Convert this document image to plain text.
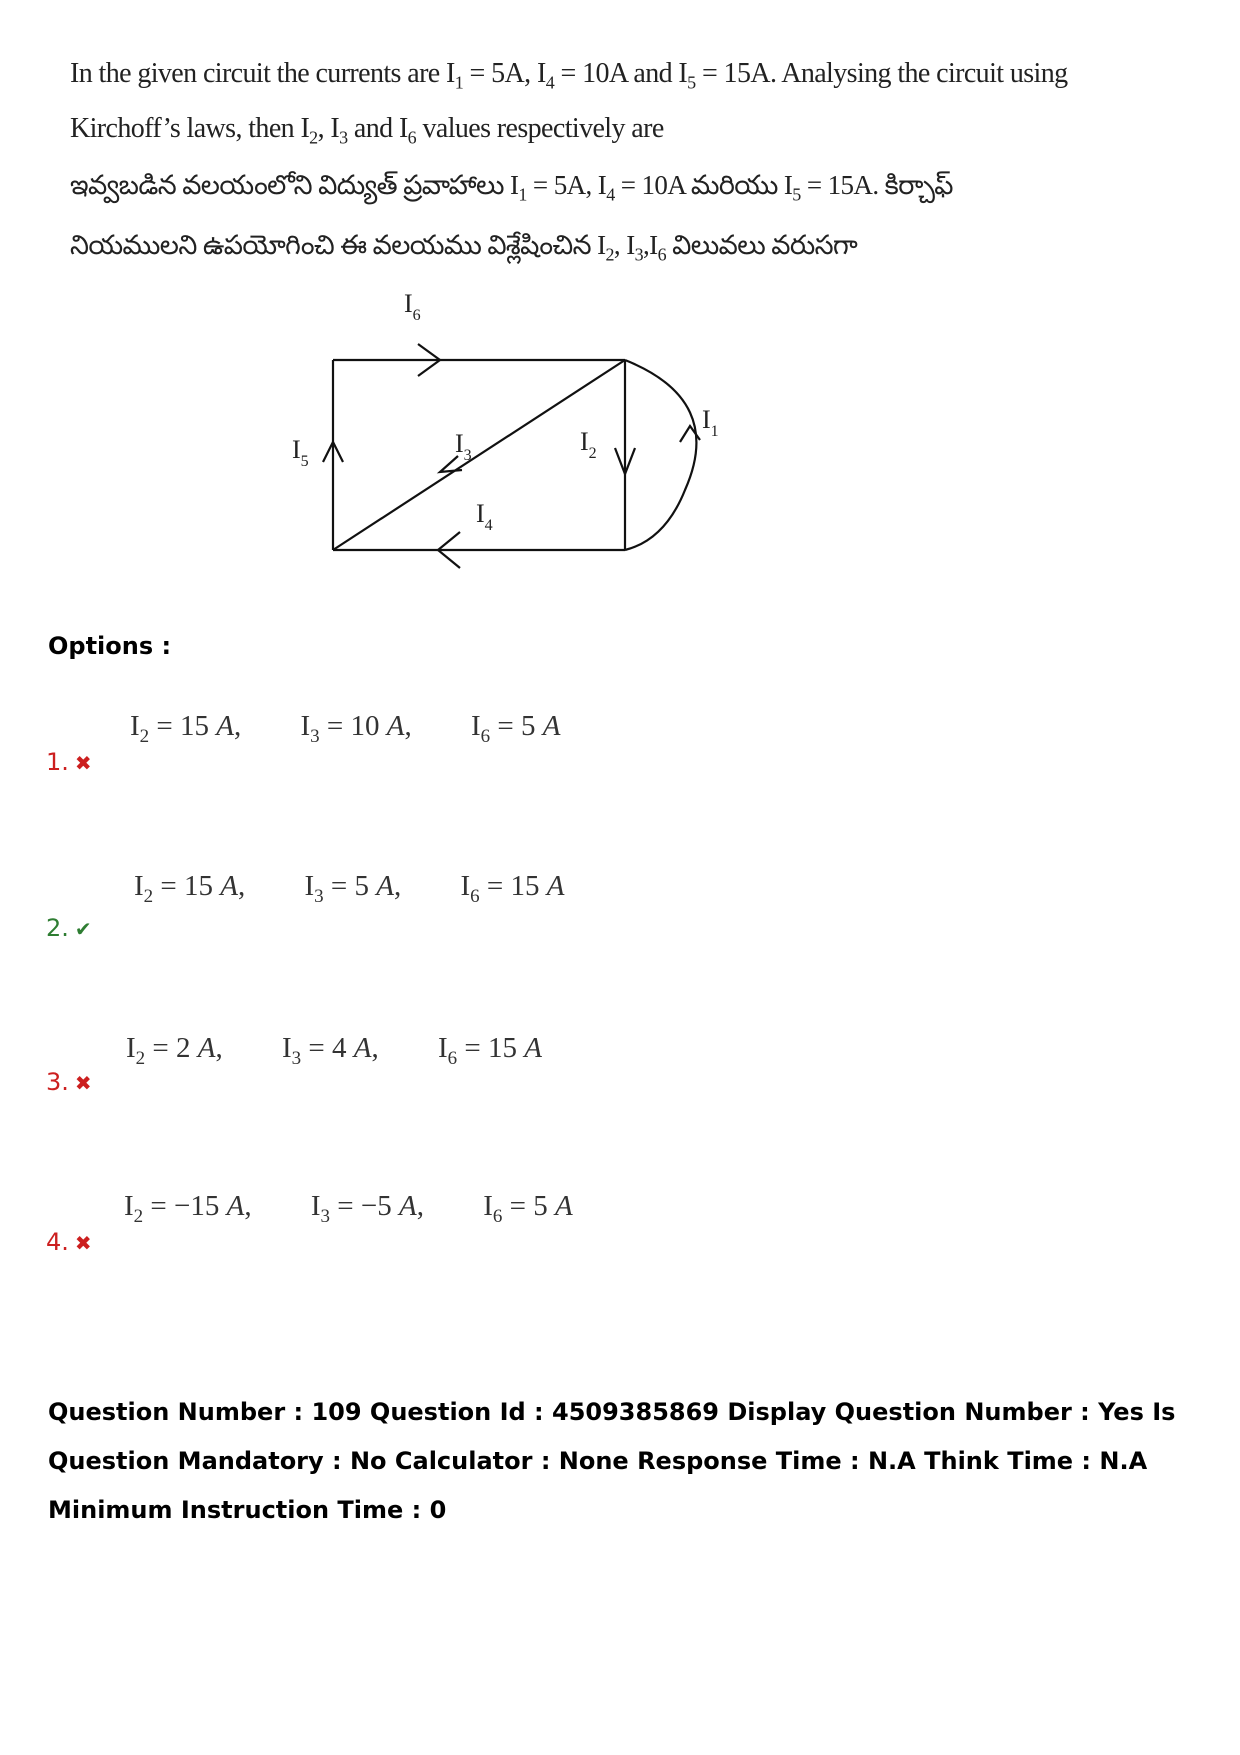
In the given circuit the currents are $I_1 = 5A$, $I_4 = 10A$ and $I_5 = 15A$. Analysing the circuit using
Kirchoff’s laws, then $I_2$, $I_3$ and $I_6$ values respectively are
ఇవ్వబడిన వలయంలోని విద్యుత్ ప్రవాహాలు $I_1 = 5A$, $I_4 = 10A$ మరియు $I_5 = 15A$. కిర్చాఫ్
నియములని ఉపయోగించి ఈ వలయము విశ్లేషించిన $I_2$, $I_3,I_6$ విలువలు వరుసగా
$I_6$
$I_5$
$I_3$	$I_2$
$I_1$
$I_4$
Options :
$I_2 = 15$ A, $I_3 = 10$ A, $I_6 = 5$ A
1. ✖
$I_2 = 15$ A, $I_3 = 5$ A, $I_6 = 15$ A
2. ✔
$I_2 = 2$ A, $I_3 = 4$ A, $I_6 = 15$ A
3. ✖
$I_2 = -15$ A, $I_3 = -5$ A, $I_6 = 5$ A
4. ✖
Question Number : 109 Question Id : 4509385869 Display Question Number : Yes Is Question Mandatory : No Calculator : None Response Time : N.A Think Time : N.A Minimum Instruction Time : 0
